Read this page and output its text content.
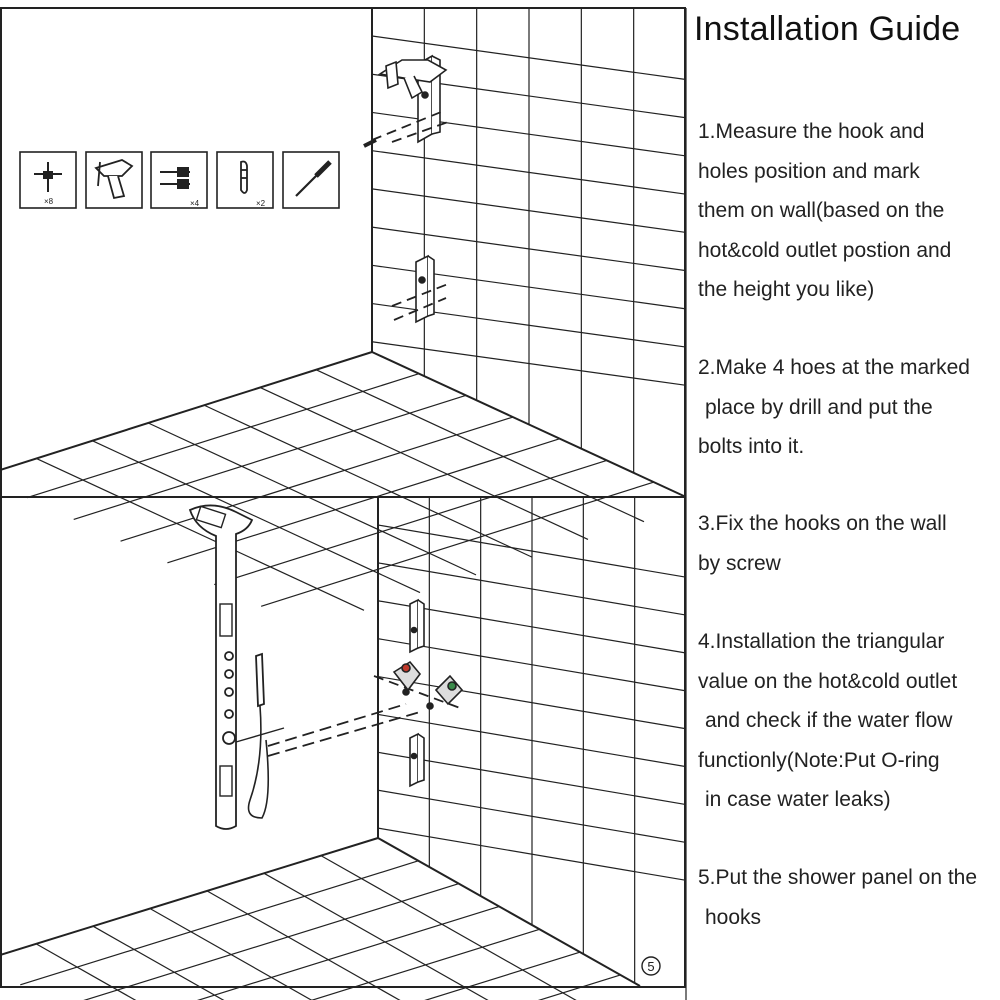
5
×8	×4	×2
Installation Guide

1.Measure the hook and
holes position and mark
them on wall(based on the
hot&cold outlet postion and
the height you like)

2.Make 4 hoes at the marked
place by drill and put the
bolts into it.

3.Fix the hooks on the wall
by screw

4.Installation the triangular
value on the hot&cold outlet
and check if the water flow
functionly(Note:Put O-ring
in case water leaks)

5.Put the shower panel on the
hooks
